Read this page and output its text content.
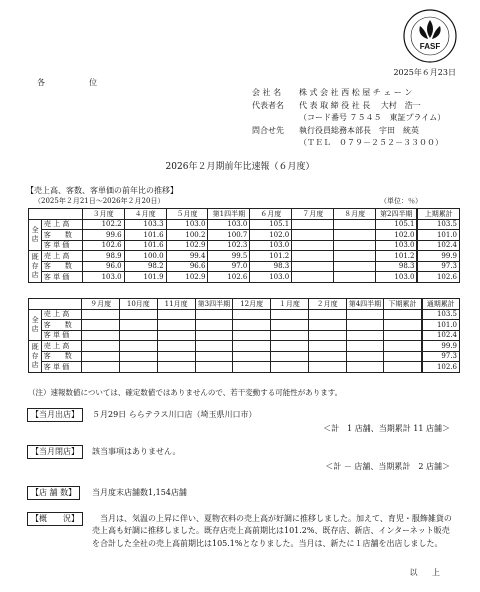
FASF
2025年６月23日
各　位
会 社 名	株 式 会 社 西 松 屋 チ ェ ー ン
代表者名	代 表 取 締 役 社 長　 大村　浩一
（コード番号 ７５４５　東証プライム）
問合せ先	執行役員総務本部長　宇田　統英
（ＴＥＬ　０７９－２５２－３３００）
2026年２月期前年比速報（６月度）
【売上高、客数、客単価の前年比の推移】
（2025年２月21日～2026年２月20日）	（単位：％）
		３月度	４月度	５月度	第1四半期	６月度	７月度	８月度	第2四半期	上期累計
全店	売 上 高	102.2	103.3	103.0	103.0	105.1			105.1	103.5
	客　　数	99.6	101.6	100.2	100.7	102.0			102.0	101.0
	客 単 価	102.6	101.6	102.9	102.3	103.0			103.0	102.4
既存店	売 上 高	98.9	100.0	99.4	99.5	101.2			101.2	99.9
	客　　数	96.0	98.2	96.6	97.0	98.3			98.3	97.3
	客 単 価	103.0	101.9	102.9	102.6	103.0			103.0	102.6
		９月度	10月度	11月度	第3四半期	12月度	１月度	２月度	第4四半期	下期累計	通期累計
全店	売 上 高										103.5
	客　　数										101.0
	客 単 価										102.4
既存店	売 上 高										99.9
	客　　数										97.3
	客 単 価										102.6
（注）速報数値については、確定数値ではありませんので、若干変動する可能性があります。
【当月出店】	５月29日 ららテラス川口店（埼玉県川口市）
＜計　1 店舗、当期累計 11 店舗＞
【当月閉店】	該当事項はありません。
＜計 － 店舗、当期累計　2 店舗＞
【店 舗 数】	当月度末店舗数1,154店舗
【概　　況】	　当月は、気温の上昇に伴い、夏物衣料の売上高が好調に推移しました。加えて、育児・服飾雑貨の売上高も好調に推移しました。既存店売上高前期比は101.2%、既存店、新店、インターネット販売を合計した全社の売上高前期比は105.1%となりました。当月は、新たに１店舗を出店しました。
以 上
